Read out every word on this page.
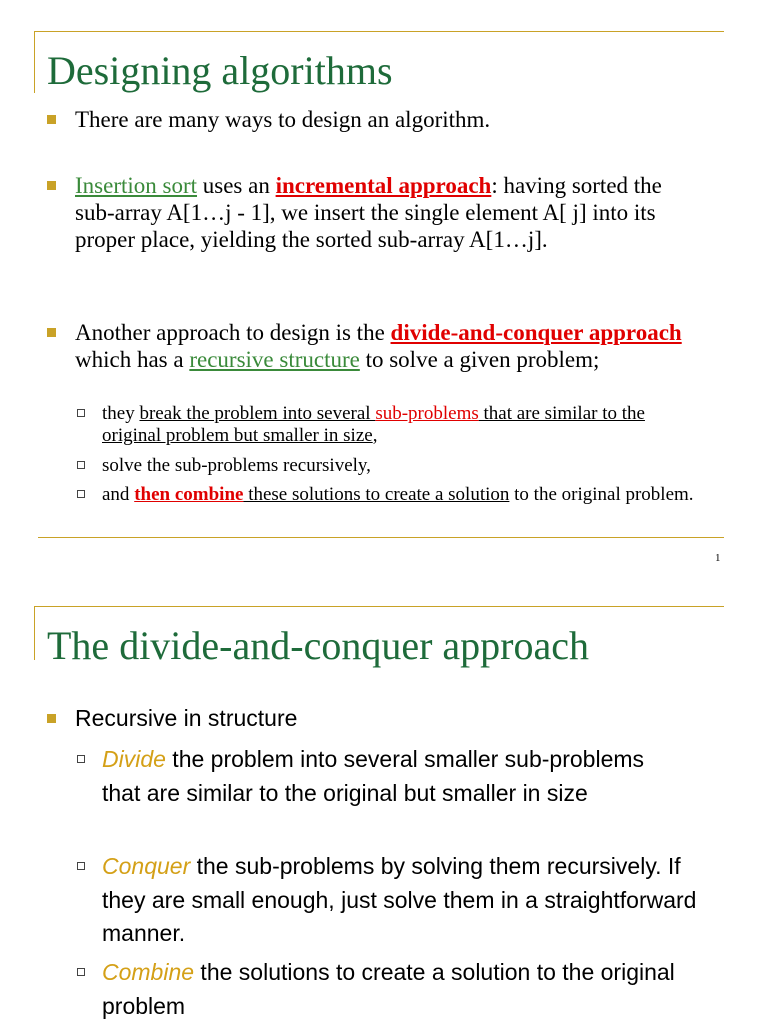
Designing algorithms

There are many ways to design an algorithm.

Insertion sort uses an incremental approach: having sorted the sub-array A[1…j - 1], we insert the single element A[ j] into its proper place, yielding the sorted sub-array A[1…j].

Another approach to design is the divide-and-conquer approach which has a recursive structure to solve a given problem;

they break the problem into several sub-problems that are similar to the original problem but smaller in size,

solve the sub-problems recursively,

and then combine these solutions to create a solution to the original problem.

1
The divide-and-conquer approach

Recursive in structure

Divide the problem into several smaller sub-problems that are similar to the original but smaller in size

Conquer the sub-problems by solving them recursively. If they are small enough, just solve them in a straightforward manner.

Combine the solutions to create a solution to the original problem
